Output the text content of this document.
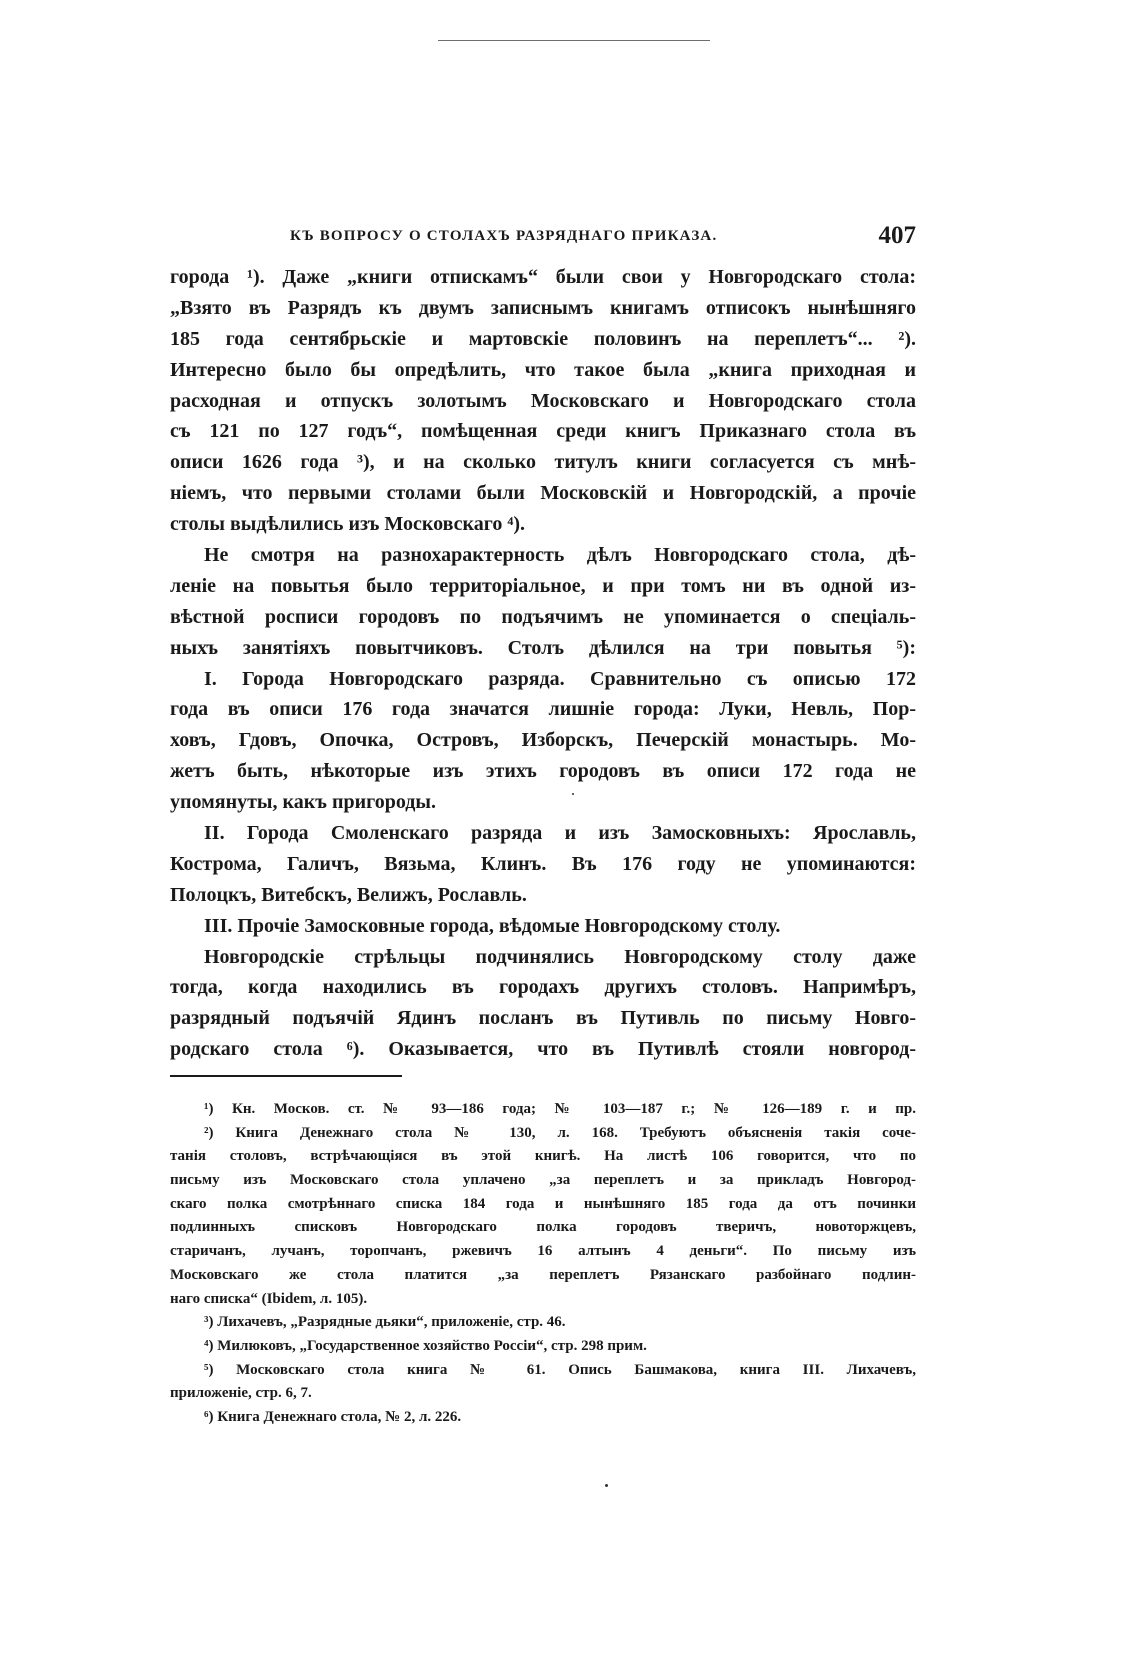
КЪ ВОПРОСУ О СТОЛАХЪ РАЗРЯДНАГО ПРИКАЗА.	407
города ¹). Даже „книги отпискамъ“ были свои у Новгородскаго стола:
„Взято въ Разрядъ къ двумъ записнымъ книгамъ отписокъ нынѣшняго
185 года сентябрьскіе и мартовскіе половинъ на переплетъ“... ²).
Интересно было бы опредѣлить, что такое была „книга приходная и
расходная и отпускъ золотымъ Московскаго и Новгородскаго стола
съ 121 по 127 годъ“, помѣщенная среди книгъ Приказнаго стола въ
описи 1626 года ³), и на сколько титулъ книги согласуется съ мнѣ-
ніемъ, что первыми столами были Московскій и Новгородскій, а прочіе
столы выдѣлились изъ Московскаго ⁴).
Не смотря на разнохарактерность дѣлъ Новгородскаго стола, дѣ-
леніе на повытья было территоріальное, и при томъ ни въ одной из-
вѣстной росписи городовъ по подъячимъ не упоминается о спеціаль-
ныхъ занятіяхъ повытчиковъ. Столъ дѣлился на три повытья ⁵):
I. Города Новгородскаго разряда. Сравнительно съ описью 172
года въ описи 176 года значатся лишніе города: Луки, Невль, Пор-
ховъ, Гдовъ, Опочка, Островъ, Изборскъ, Печерскій монастырь. Мо-
жетъ быть, нѣкоторые изъ этихъ городовъ въ описи 172 года не
упомянуты, какъ пригороды.
II. Города Смоленскаго разряда и изъ Замосковныхъ: Ярославль,
Кострома, Галичъ, Вязьма, Клинъ. Въ 176 году не упоминаются:
Полоцкъ, Витебскъ, Велижъ, Рославль.
III. Прочіе Замосковные города, вѣдомые Новгородскому столу.
Новгородскіе стрѣльцы подчинялись Новгородскому столу даже
тогда, когда находились въ городахъ другихъ столовъ. Напримѣръ,
разрядный подъячій Ядинъ посланъ въ Путивль по письму Новго-
родскаго стола ⁶). Оказывается, что въ Путивлѣ стояли новгород-
¹) Кн. Москов. ст. № 93—186 года; № 103—187 г.; № 126—189 г. и пр.
²) Книга Денежнаго стола № 130, л. 168. Требуютъ объясненія такія сочe-
танія столовъ, встрѣчающіяся въ этой книгѣ. На листѣ 106 говорится, что по
письму изъ Московскаго стола уплачено „за переплетъ и за прикладъ Новгород-
скаго полка смотрѣннаго списка 184 года и нынѣшняго 185 года да отъ починки
подлинныхъ списковъ Новгородскаго полка городовъ тверичъ, новоторжцевъ,
старичанъ, лучанъ, торопчанъ, ржевичъ 16 алтынъ 4 деньги“. По письму изъ
Московскаго же стола платится „за переплетъ Рязанскаго разбойнаго подлин-
наго списка“ (Ibidem, л. 105).
³) Лихачевъ, „Разрядные дьяки“, приложеніе, стр. 46.
⁴) Милюковъ, „Государственное хозяйство Россіи“, стр. 298 прим.
⁵) Московскаго стола книга № 61. Опись Башмакова, книга III. Лихачевъ,
приложеніе, стр. 6, 7.
⁶) Книга Денежнаго стола, № 2, л. 226.
